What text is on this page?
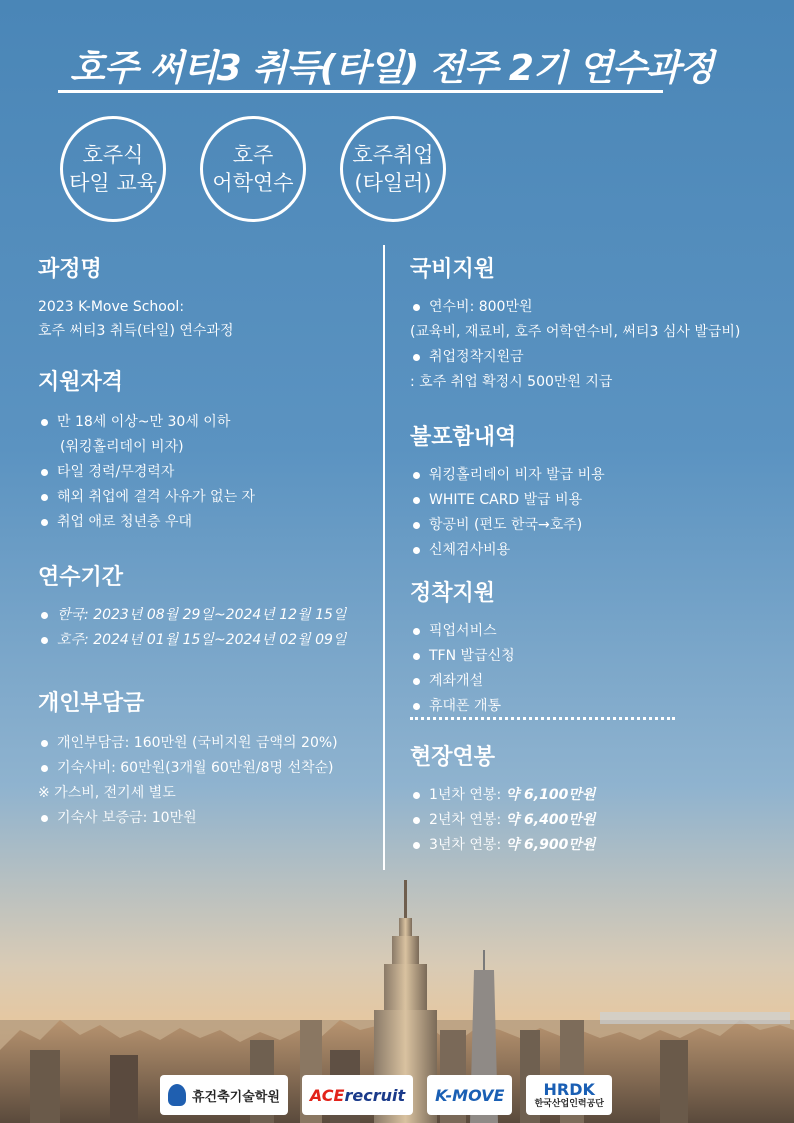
호주 써티3 취득(타일) 전주 2기 연수과정
호주식
타일 교육
호주
어학연수
호주취업
(타일러)
과정명
2023 K-Move School:
호주 써티3 취득(타일) 연수과정
지원자격
만 18세 이상~만 30세 이하
(워킹홀리데이 비자)
타일 경력/무경력자
해외 취업에 결격 사유가 없는 자
취업 애로 청년층 우대
연수기간
한국: 2023년 08월 29일~2024년 12월 15일
호주: 2024년 01월 15일~2024년 02월 09일
개인부담금
개인부담금: 160만원 (국비지원 금액의 20%)
기숙사비: 60만원(3개월 60만원/8명 선착순)
※ 가스비, 전기세 별도
기숙사 보증금: 10만원
국비지원
연수비: 800만원
(교육비, 재료비, 호주 어학연수비, 써티3 심사 발급비)
취업정착지원금
: 호주 취업 확정시 500만원 지급
불포함내역
워킹홀리데이 비자 발급 비용
WHITE CARD 발급 비용
항공비 (편도 한국→호주)
신체검사비용
정착지원
픽업서비스
TFN 발급신청
계좌개설
휴대폰 개통
현장연봉
1년차 연봉: 약 6,100만원
2년차 연봉: 약 6,400만원
3년차 연봉: 약 6,900만원
휴건축기술학원 ACE recruit K-MOVE HRDK
한국산업인력공단
